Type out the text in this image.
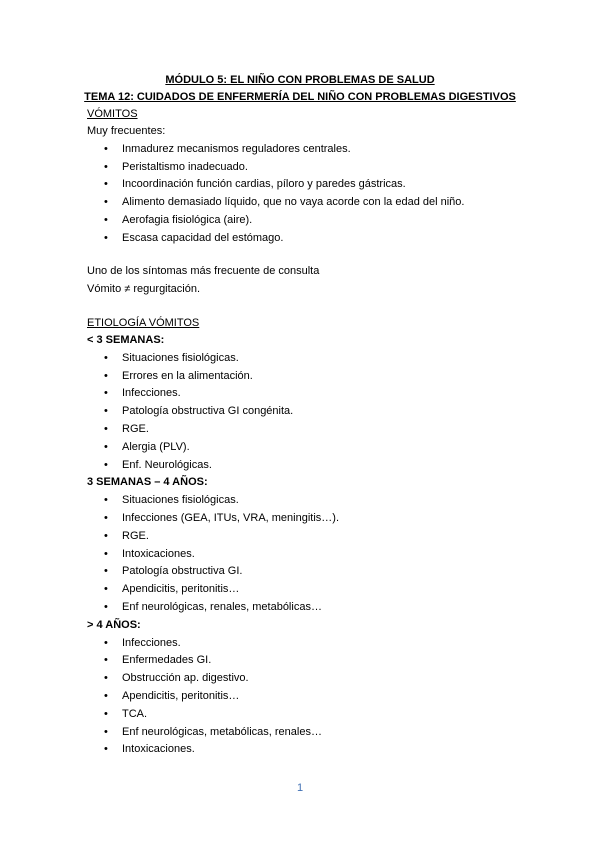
MÓDULO 5: EL NIÑO CON PROBLEMAS DE SALUD
TEMA 12: CUIDADOS DE ENFERMERÍA DEL NIÑO CON PROBLEMAS DIGESTIVOS
VÓMITOS
Muy frecuentes:
• Inmadurez mecanismos reguladores centrales.
• Peristaltismo inadecuado.
• Incoordinación función cardias, píloro y paredes gástricas.
• Alimento demasiado líquido, que no vaya acorde con la edad del niño.
• Aerofagia fisiológica (aire).
• Escasa capacidad del estómago.
Uno de los síntomas más frecuente de consulta
Vómito ≠ regurgitación.
ETIOLOGÍA VÓMITOS
< 3 SEMANAS:
• Situaciones fisiológicas.
• Errores en la alimentación.
• Infecciones.
• Patología obstructiva GI congénita.
• RGE.
• Alergia (PLV).
• Enf. Neurológicas.
3 SEMANAS – 4 AÑOS:
• Situaciones fisiológicas.
• Infecciones (GEA, ITUs, VRA, meningitis…).
• RGE.
• Intoxicaciones.
• Patología obstructiva GI.
• Apendicitis, peritonitis…
• Enf neurológicas, renales, metabólicas…
> 4 AÑOS:
• Infecciones.
• Enfermedades GI.
• Obstrucción ap. digestivo.
• Apendicitis, peritonitis…
• TCA.
• Enf neurológicas, metabólicas, renales…
• Intoxicaciones.
1
